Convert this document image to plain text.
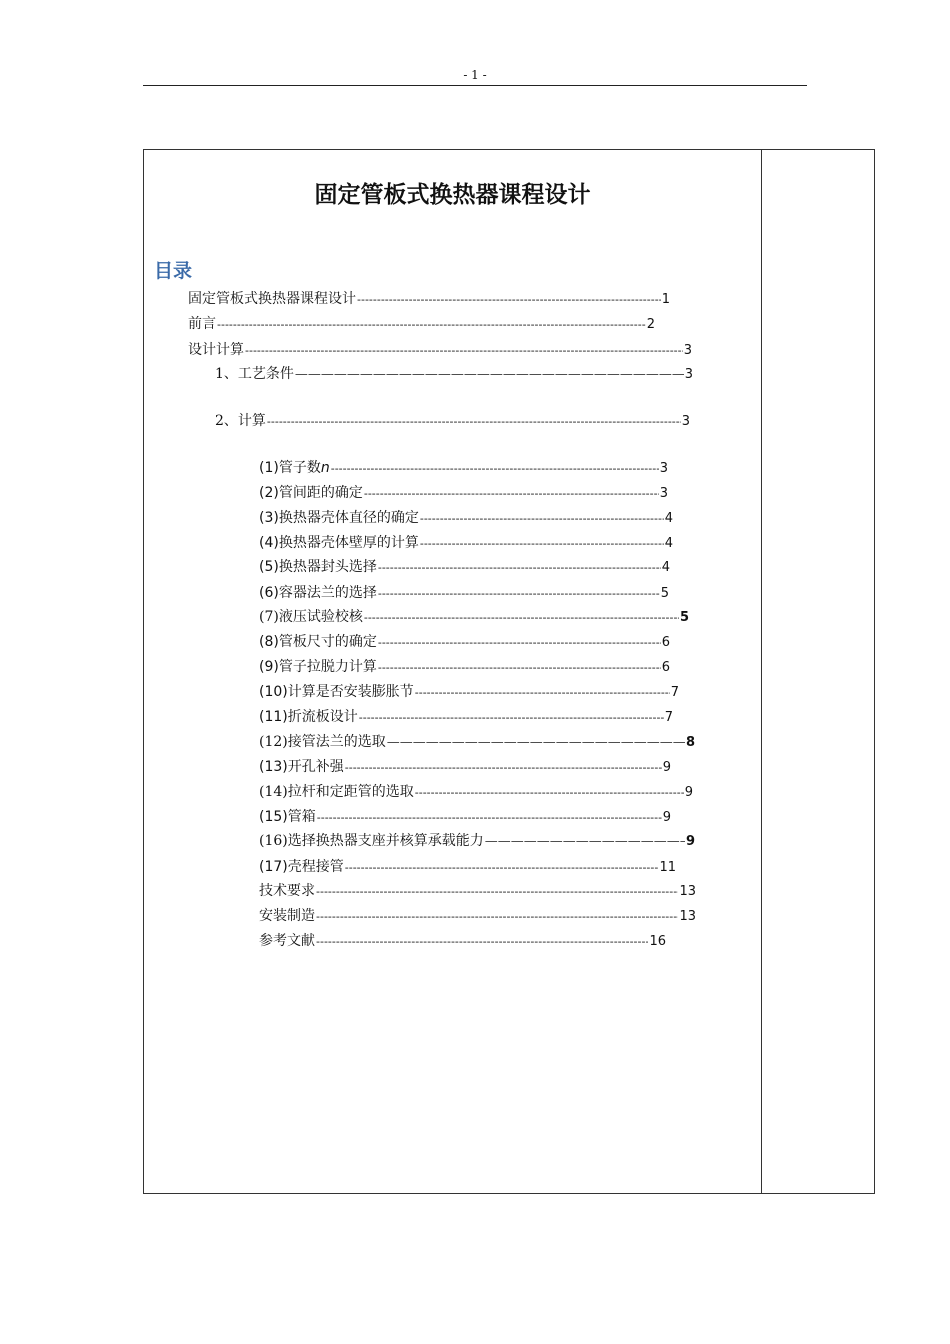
- 1 -
固定管板式换热器课程设计
目录
固定管板式换热器课程设计 -----	1
前言 -----	2
设计计算 -----	3
1、工艺条件 —————	3
2、计算 -----	3
(1)管子数n -----	3
(2)管间距的确定 -----	3
(3)换热器壳体直径的确定 -----	4
(4)换热器壳体壁厚的计算 -----	4
(5)换热器封头选择 -----	4
(6)容器法兰的选择 -----	5
(7)液压试验校核 -----	5
(8)管板尺寸的确定 -----	6
(9)管子拉脱力计算 -----	6
(10)计算是否安装膨胀节 -----	7
(11)折流板设计 -----	7
(12)接管法兰的选取 —————	8
(13)开孔补强 -----	9
(14)拉杆和定距管的选取 -----	9
(15)管箱 -----	9
(16)选择换热器支座并核算承载能力 —————	9
(17)壳程接管 -----	11
技术要求 -----	13
安装制造 -----	13
参考文献 -----	16
